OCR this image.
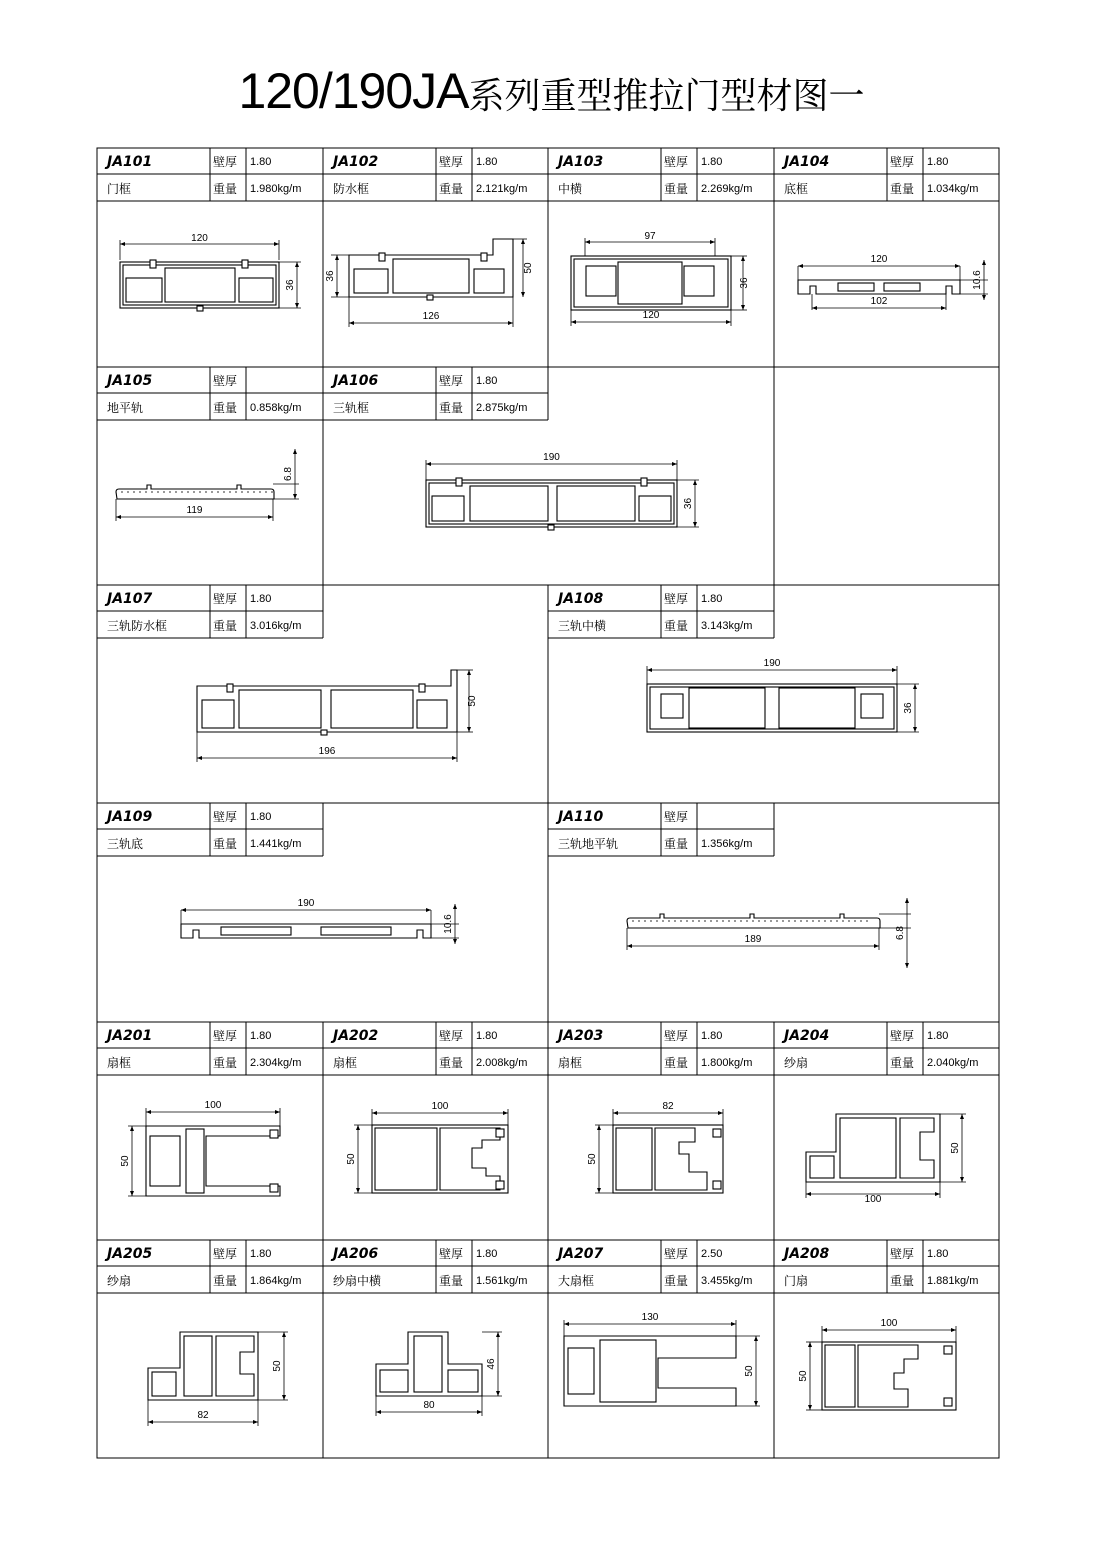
120/190JA系列重型推拉门型材图一
JA101	壁厚 1.80
门框	重量 1.980kg/m
JA102	壁厚 1.80
防水框	重量 2.121kg/m
JA103	壁厚 1.80
中横	重量 2.269kg/m
JA104	壁厚 1.80
底框	重量 1.034kg/m
JA105	壁厚
地平轨	重量 0.858kg/m
JA106	壁厚 1.80
三轨框	重量 2.875kg/m
JA107	壁厚 1.80
三轨防水框	重量 3.016kg/m
JA108	壁厚 1.80
三轨中横	重量 3.143kg/m
JA109	壁厚 1.80
三轨底	重量 1.441kg/m
JA110	壁厚
三轨地平轨	重量 1.356kg/m
JA201	壁厚 1.80
扇框	重量 2.304kg/m
JA202	壁厚 1.80
扇框	重量 2.008kg/m
JA203	壁厚 1.80
扇框	重量 1.800kg/m
JA204	壁厚 1.80
纱扇	重量 2.040kg/m
JA205	壁厚 1.80
纱扇	重量 1.864kg/m
JA206	壁厚 1.80
纱扇中横	重量 1.561kg/m
JA207	壁厚 2.50
大扇框	重量 3.455kg/m
JA208	壁厚 1.80
门扇	重量 1.881kg/m
120
36
36
50
126
97
36
120
120
10.6
102
6.8
119
190
36
50
196
190
36
190
10.6	6.8
189
100
50
100
50
82
50
50
100
50
82
46
80
130
50
100
50
